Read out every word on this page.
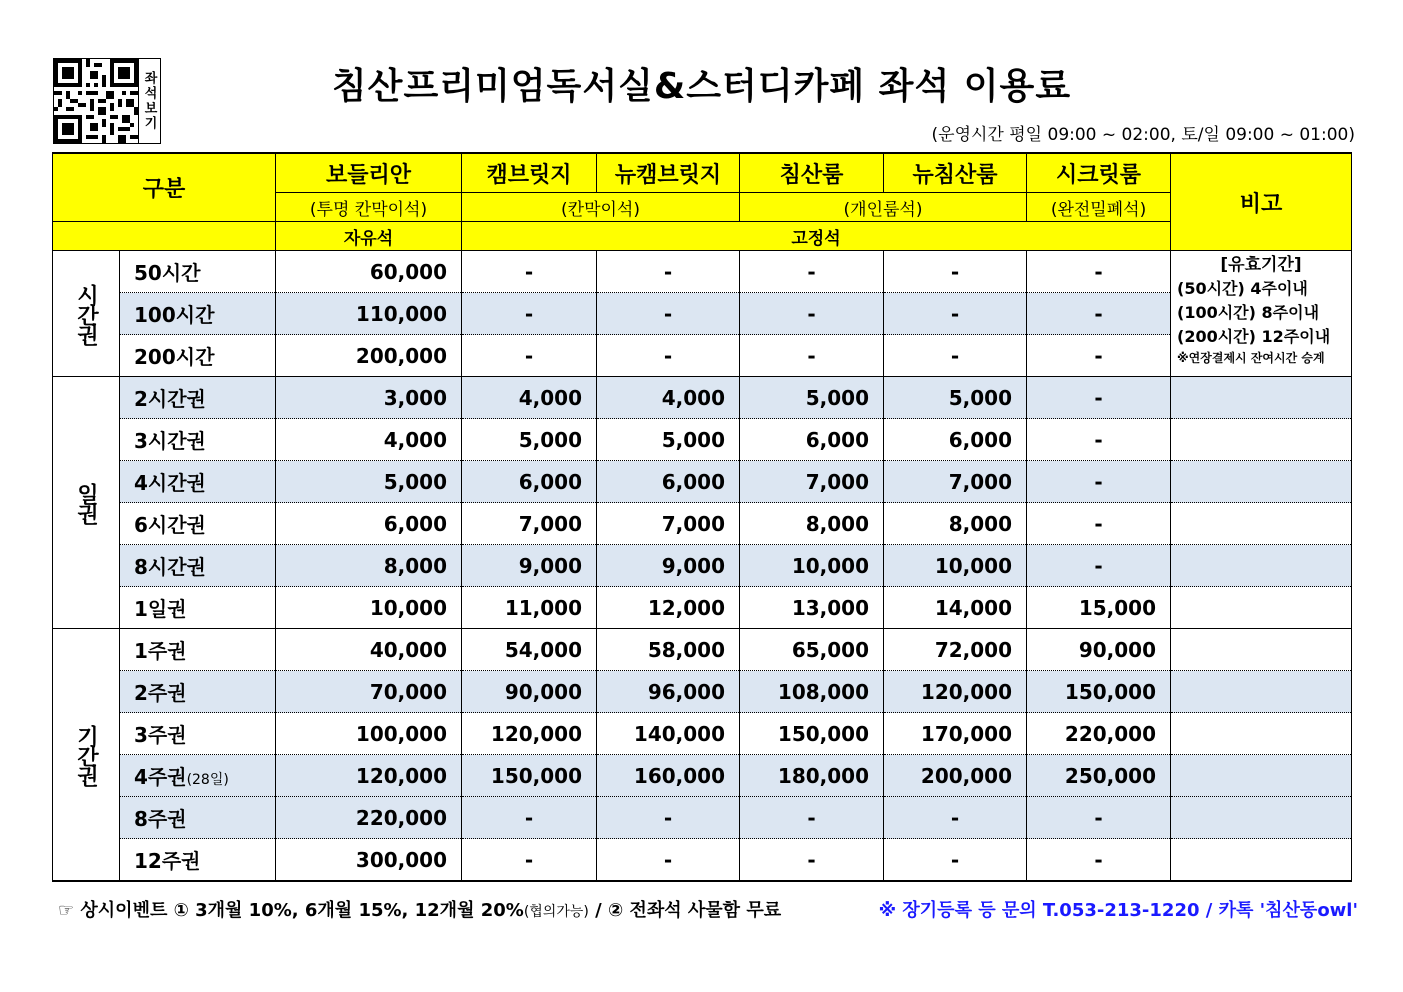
좌석보기	침산프리미엄독서실&스터디카페 좌석 이용료
(운영시간 평일 09:00 ~ 02:00, 토/일 09:00 ~ 01:00)
구분		보들리안	캠브릿지	뉴캠브릿지	침산룸	뉴침산룸	시크릿룸	비고
		(투명 칸막이석)	(칸막이석)		(개인룸석)		(완전밀폐석)	
		자유석	고정석					
시간권	50시간	60,000	-	-	-	-	-	[유효기간]
(50시간) 4주이내
(100시간) 8주이내
(200시간) 12주이내
※연장결제시 잔여시간 승계

	100시간	110,000	-	-	-	-	-	
	200시간	200,000	-	-	-	-	-	
일권	2시간권	3,000	4,000	4,000	5,000	5,000	-	
	3시간권	4,000	5,000	5,000	6,000	6,000	-	
	4시간권	5,000	6,000	6,000	7,000	7,000	-	
	6시간권	6,000	7,000	7,000	8,000	8,000	-	
	8시간권	8,000	9,000	9,000	10,000	10,000	-	
	1일권	10,000	11,000	12,000	13,000	14,000	15,000	
기간권	1주권	40,000	54,000	58,000	65,000	72,000	90,000	
	2주권	70,000	90,000	96,000	108,000	120,000	150,000	
	3주권	100,000	120,000	140,000	150,000	170,000	220,000	
	4주권(28일)	120,000	150,000	160,000	180,000	200,000	250,000	
	8주권	220,000	-	-	-	-	-	
	12주권	300,000	-	-	-	-	-	
☞ 상시이벤트 ① 3개월 10%, 6개월 15%, 12개월 20%(협의가능) / ② 전좌석 사물함 무료	※ 장기등록 등 문의 T.053-213-1220 / 카톡 '침산동owl'
